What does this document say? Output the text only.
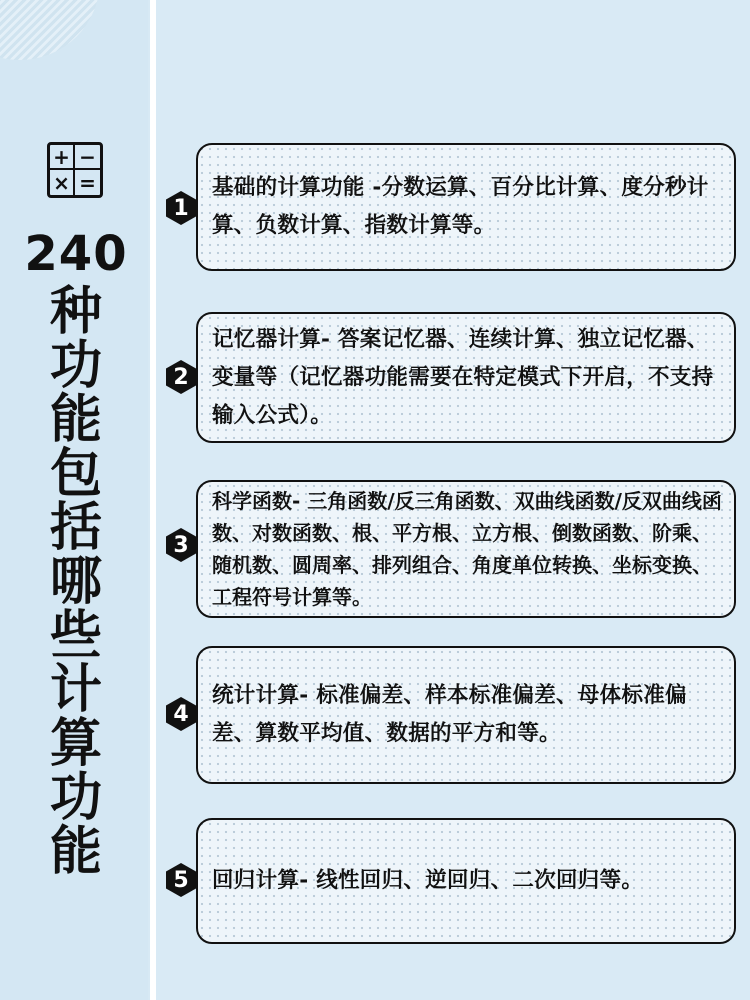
+ −
× =
240
种
功
能
包
括
哪
些
计
算
功
能
基础的计算功能 -分数运算、百分比计算、度分秒计算、负数计算、指数计算等。
1
记忆器计算- 答案记忆器、连续计算、独立记忆器、变量等（记忆器功能需要在特定模式下开启，不支持输入公式）。
2
科学函数- 三角函数/反三角函数、双曲线函数/反双曲线函数、对数函数、根、平方根、立方根、倒数函数、阶乘、随机数、圆周率、排列组合、角度单位转换、坐标变换、工程符号计算等。
3
统计计算- 标准偏差、样本标准偏差、母体标准偏差、算数平均值、数据的平方和等。
4
回归计算- 线性回归、逆回归、二次回归等。
5
